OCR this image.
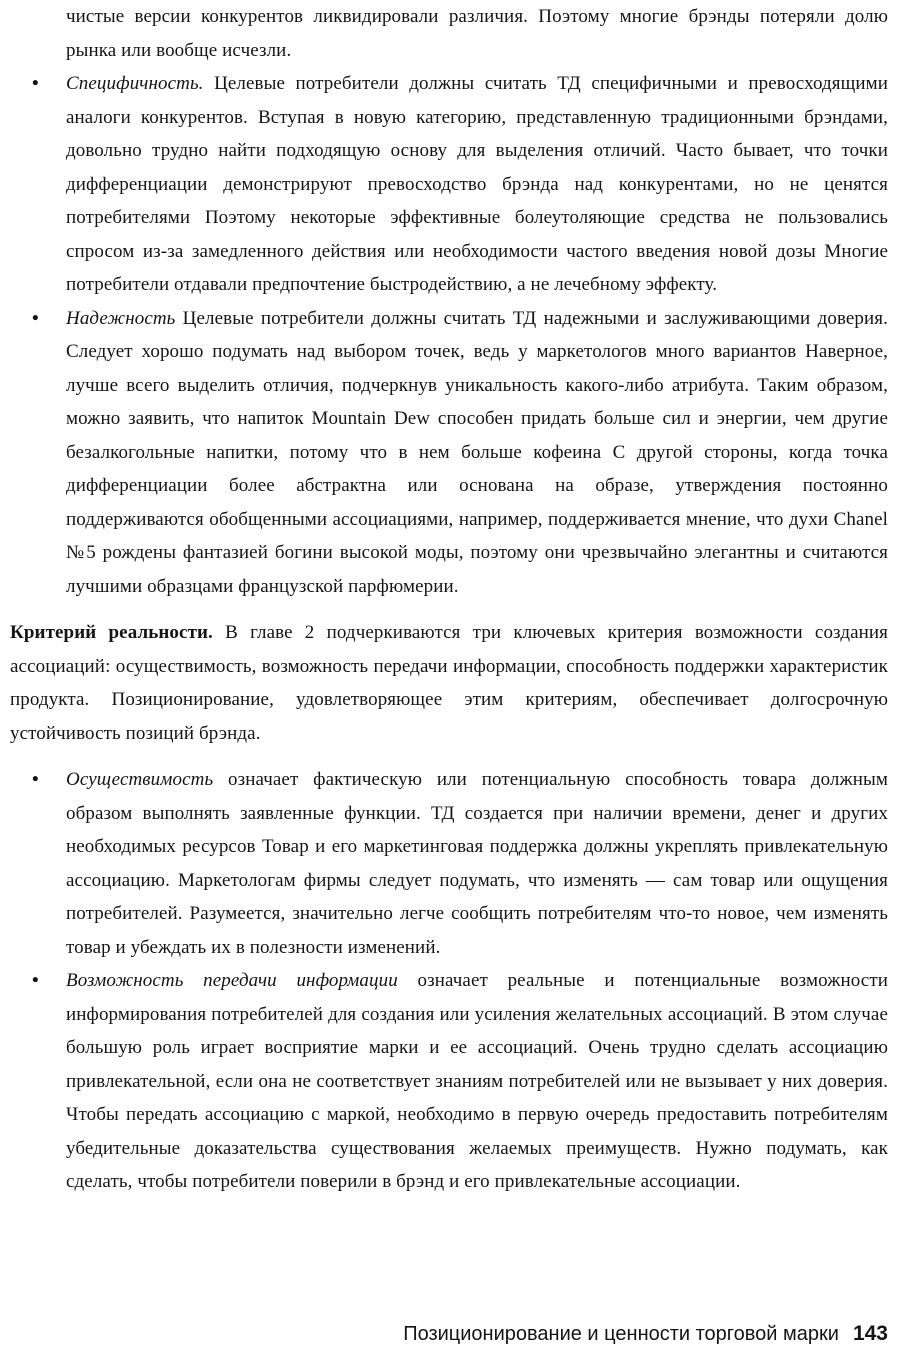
чистые версии конкурентов ликвидировали различия. Поэтому многие брэнды потеряли долю рынка или вообще исчезли.
• Специфичность. Целевые потребители должны считать ТД специфичными и превосходящими аналоги конкурентов. Вступая в новую категорию, представленную традиционными брэндами, довольно трудно найти подходящую основу для выделения отличий. Часто бывает, что точки дифференциации демонстрируют превосходство брэнда над конкурентами, но не ценятся потребителями Поэтому некоторые эффективные болеутоляющие средства не пользовались спросом из-за замедленного действия или необходимости частого введения новой дозы Многие потребители отдавали предпочтение быстродействию, а не лечебному эффекту.
• Надежность Целевые потребители должны считать ТД надежными и заслуживающими доверия. Следует хорошо подумать над выбором точек, ведь у маркетологов много вариантов Наверное, лучше всего выделить отличия, подчеркнув уникальность какого-либо атрибута. Таким образом, можно заявить, что напиток Mountain Dew способен придать больше сил и энергии, чем другие безалкогольные напитки, потому что в нем больше кофеина С другой стороны, когда точка дифференциации более абстрактна или основана на образе, утверждения постоянно поддерживаются обобщенными ассоциациями, например, поддерживается мнение, что духи Chanel №5 рождены фантазией богини высокой моды, поэтому они чрезвычайно элегантны и считаются лучшими образцами французской парфюмерии.
Критерий реальности. В главе 2 подчеркиваются три ключевых критерия возможности создания ассоциаций: осуществимость, возможность передачи информации, способность поддержки характеристик продукта. Позиционирование, удовлетворяющее этим критериям, обеспечивает долгосрочную устойчивость позиций брэнда.
• Осуществимость означает фактическую или потенциальную способность товара должным образом выполнять заявленные функции. ТД создается при наличии времени, денег и других необходимых ресурсов Товар и его маркетинговая поддержка должны укреплять привлекательную ассоциацию. Маркетологам фирмы следует подумать, что изменять — сам товар или ощущения потребителей. Разумеется, значительно легче сообщить потребителям что-то новое, чем изменять товар и убеждать их в полезности изменений.
• Возможность передачи информации означает реальные и потенциальные возможности информирования потребителей для создания или усиления желательных ассоциаций. В этом случае большую роль играет восприятие марки и ее ассоциаций. Очень трудно сделать ассоциацию привлекательной, если она не соответствует знаниям потребителей или не вызывает у них доверия. Чтобы передать ассоциацию с маркой, необходимо в первую очередь предоставить потребителям убедительные доказательства существования желаемых преимуществ. Нужно подумать, как сделать, чтобы потребители поверили в брэнд и его привлекательные ассоциации.
Позиционирование и ценности торговой марки 143
